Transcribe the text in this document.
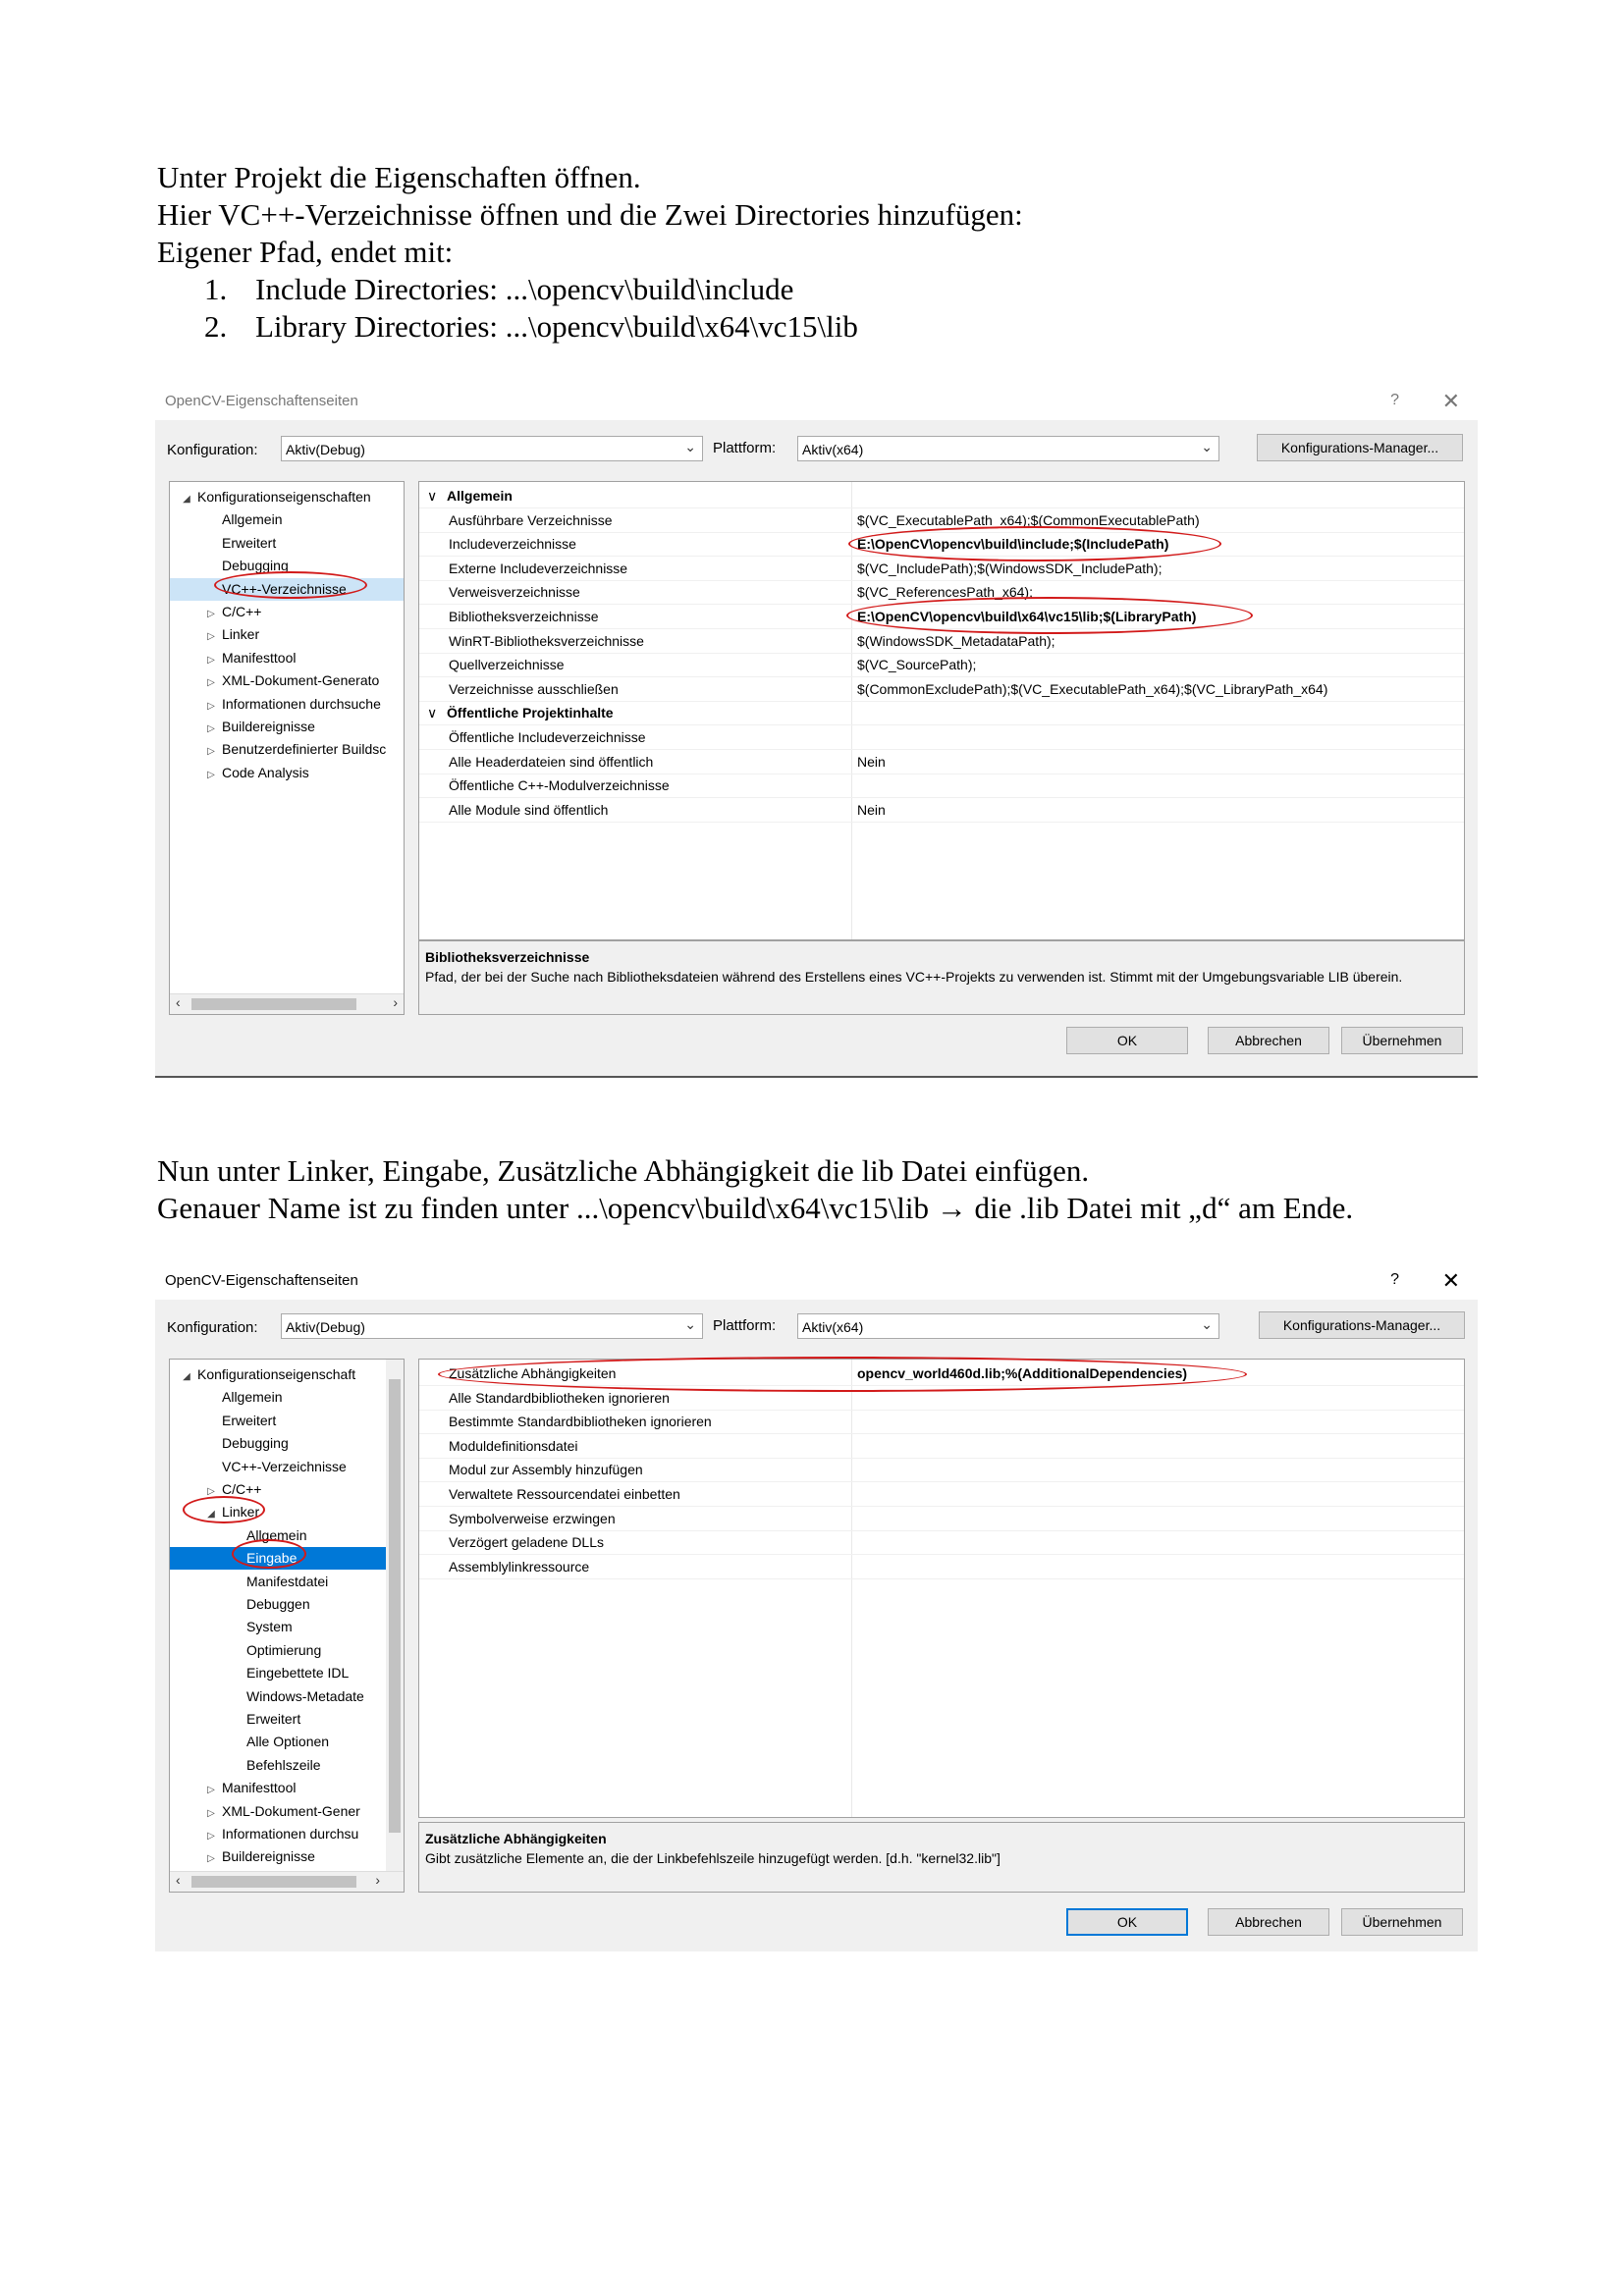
Unter Projekt die Eigenschaften öffnen.

Hier VC++-Verzeichnisse öffnen und die Zwei Directories hinzufügen:

Eigener Pfad, endet mit:

1. Include Directories: ...\opencv\build\include
2. Library Directories: ...\opencv\build\x64\vc15\lib
OpenCV-Eigenschaftenseiten	? ✕
Konfiguration:	Aktiv(Debug)	⌄ Plattform:	Aktiv(x64)	⌄	Konfigurations-Manager...
▷ Code Analysis
▷ Benutzerdefinierter Buildsc
▷ Buildereignisse
▷ Informationen durchsuche
▷ XML-Dokument-Generato
▷ Manifesttool
▷ Linker
▷ C/C++
VC++-Verzeichnisse
Debugging
Erweitert
Allgemein
◢ Konfigurationseigenschaften
‹	›
∨ Allgemein
Ausführbare Verzeichnisse	$(VC_ExecutablePath_x64);$(CommonExecutablePath)
Includeverzeichnisse	E:\OpenCV\opencv\build\include;$(IncludePath)
Externe Includeverzeichnisse	$(VC_IncludePath);$(WindowsSDK_IncludePath);
Verweisverzeichnisse	$(VC_ReferencesPath_x64);
Bibliotheksverzeichnisse	E:\OpenCV\opencv\build\x64\vc15\lib;$(LibraryPath)
WinRT-Bibliotheksverzeichnisse	$(WindowsSDK_MetadataPath);
Quellverzeichnisse	$(VC_SourcePath);
Verzeichnisse ausschließen	$(CommonExcludePath);$(VC_ExecutablePath_x64);$(VC_LibraryPath_x64)
∨ Öffentliche Projektinhalte
Öffentliche Includeverzeichnisse
Alle Headerdateien sind öffentlich	Nein
Öffentliche C++-Modulverzeichnisse
Alle Module sind öffentlich	Nein
Bibliotheksverzeichnisse
Pfad, der bei der Suche nach Bibliotheksdateien während des Erstellens eines VC++-Projekts zu verwenden ist. Stimmt mit der Umgebungsvariable LIB überein.
OK	Abbrechen	Übernehmen

Nun unter Linker, Eingabe, Zusätzliche Abhängigkeit die lib Datei einfügen.

Genauer Name ist zu finden unter ...\opencv\build\x64\vc15\lib → die .lib Datei mit „d“ am Ende.

OpenCV-Eigenschaftenseiten	? ✕
Konfiguration:	Aktiv(Debug)	⌄ Plattform:	Aktiv(x64)	⌄	Konfigurations-Manager...
▷ Buildereignisse
▷ Informationen durchsu
▷ XML-Dokument-Gener
▷ Manifesttool
Befehlszeile
Alle Optionen
Erweitert
Windows-Metadate
Eingebettete IDL
Optimierung
System
Debuggen
Manifestdatei
Eingabe
Allgemein
◢ Linker
▷ C/C++
VC++-Verzeichnisse
Debugging
Erweitert
Allgemein
◢ Konfigurationseigenschaft
‹	›
Zusätzliche Abhängigkeiten	opencv_world460d.lib;%(AdditionalDependencies)
Alle Standardbibliotheken ignorieren
Bestimmte Standardbibliotheken ignorieren
Moduldefinitionsdatei
Modul zur Assembly hinzufügen
Verwaltete Ressourcendatei einbetten
Symbolverweise erzwingen
Verzögert geladene DLLs
Assemblylinkressource
Zusätzliche Abhängigkeiten
Gibt zusätzliche Elemente an, die der Linkbefehlszeile hinzugefügt werden. [d.h. "kernel32.lib"]
OK	Abbrechen	Übernehmen
